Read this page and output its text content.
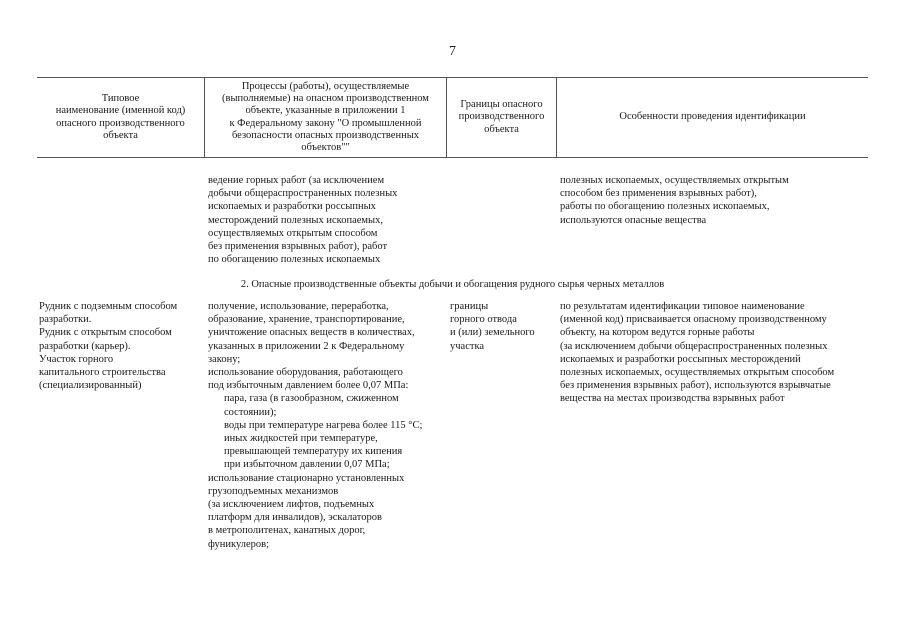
7
Типовое
наименование (именной код)
опасного производственного
объекта
Процессы (работы), осуществляемые
(выполняемые) на опасном производственном
объекте, указанные в приложении 1
к Федеральному закону "О промышленной
безопасности опасных производственных
объектов""
Границы опасного
производственного
объекта
Особенности проведения идентификации
ведение горных работ (за исключением
добычи общераспространенных полезных
ископаемых и разработки россыпных
месторождений полезных ископаемых,
осуществляемых открытым способом
без применения взрывных работ), работ
по обогащению полезных ископаемых
полезных ископаемых, осуществляемых открытым
способом без применения взрывных работ),
работы по обогащению полезных ископаемых,
используются опасные вещества
2. Опасные производственные объекты добычи и обогащения рудного сырья черных металлов
Рудник с подземным способом
разработки.
Рудник с открытым способом
разработки (карьер).
Участок горного
капитального строительства
(специализированный)
получение, использование, переработка,
образование, хранение, транспортирование,
уничтожение опасных веществ в количествах,
указанных в приложении 2 к Федеральному
закону;
использование оборудования, работающего
под избыточным давлением более 0,07 МПа:
пара, газа (в газообразном, сжиженном
состоянии);
воды при температуре нагрева более 115 °С;
иных жидкостей при температуре,
превышающей температуру их кипения
при избыточном давлении 0,07 МПа;
использование стационарно установленных
грузоподъемных механизмов
(за исключением лифтов, подъемных
платформ для инвалидов), эскалаторов
в метрополитенах, канатных дорог,
фуникулеров;
границы
горного отвода
и (или) земельного
участка
по результатам идентификации типовое наименование
(именной код) присваивается опасному производственному
объекту, на котором ведутся горные работы
(за исключением добычи общераспространенных полезных
ископаемых и разработки россыпных месторождений
полезных ископаемых, осуществляемых открытым способом
без применения взрывных работ), используются взрывчатые
вещества на местах производства взрывных работ
